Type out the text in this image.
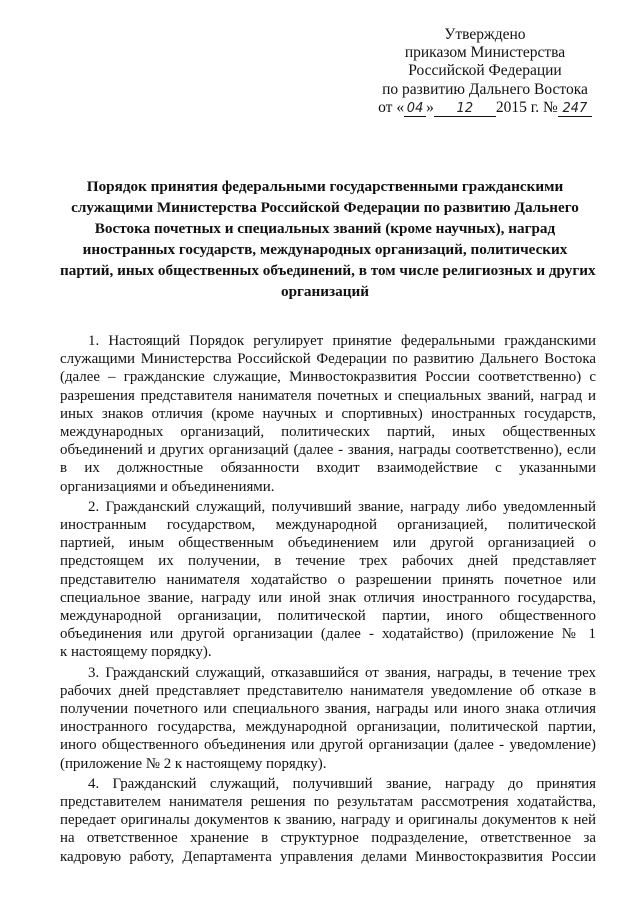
Утверждено
приказом Министерства
Российской Федерации
по развитию Дальнего Востока
от « 04 » 12 2015 г. № 247
Порядок принятия федеральными государственными гражданскими
служащими Министерства Российской Федерации по развитию Дальнего
Востока почетных и специальных званий (кроме научных), наград
иностранных государств, международных организаций, политических
партий, иных общественных объединений, в том числе религиозных и других
организаций

1. Настоящий Порядок регулирует принятие федеральными гражданскими
служащими Министерства Российской Федерации по развитию Дальнего Востока
(далее – гражданские служащие, Минвостокразвития России соответственно) с
разрешения представителя нанимателя почетных и специальных званий, наград и
иных знаков отличия (кроме научных и спортивных) иностранных государств,
международных организаций, политических партий, иных общественных
объединений и других организаций (далее - звания, награды соответственно), если
в их должностные обязанности входит взаимодействие с указанными
организациями и объединениями.

2. Гражданский служащий, получивший звание, награду либо уведомленный
иностранным государством, международной организацией, политической
партией, иным общественным объединением или другой организацией о
предстоящем их получении, в течение трех рабочих дней представляет
представителю нанимателя ходатайство о разрешении принять почетное или
специальное звание, награду или иной знак отличия иностранного государства,
международной организации, политической партии, иного общественного
объединения или другой организации (далее - ходатайство) (приложение № 1
к настоящему порядку).

3. Гражданский служащий, отказавшийся от звания, награды, в течение трех
рабочих дней представляет представителю нанимателя уведомление об отказе в
получении почетного или специального звания, награды или иного знака отличия
иностранного государства, международной организации, политической партии,
иного общественного объединения или другой организации (далее - уведомление)
(приложение № 2 к настоящему порядку).

4. Гражданский служащий, получивший звание, награду до принятия
представителем нанимателя решения по результатам рассмотрения ходатайства,
передает оригиналы документов к званию, награду и оригиналы документов к ней
на ответственное хранение в структурное подразделение, ответственное за
кадровую работу, Департамента управления делами Минвостокразвития России
